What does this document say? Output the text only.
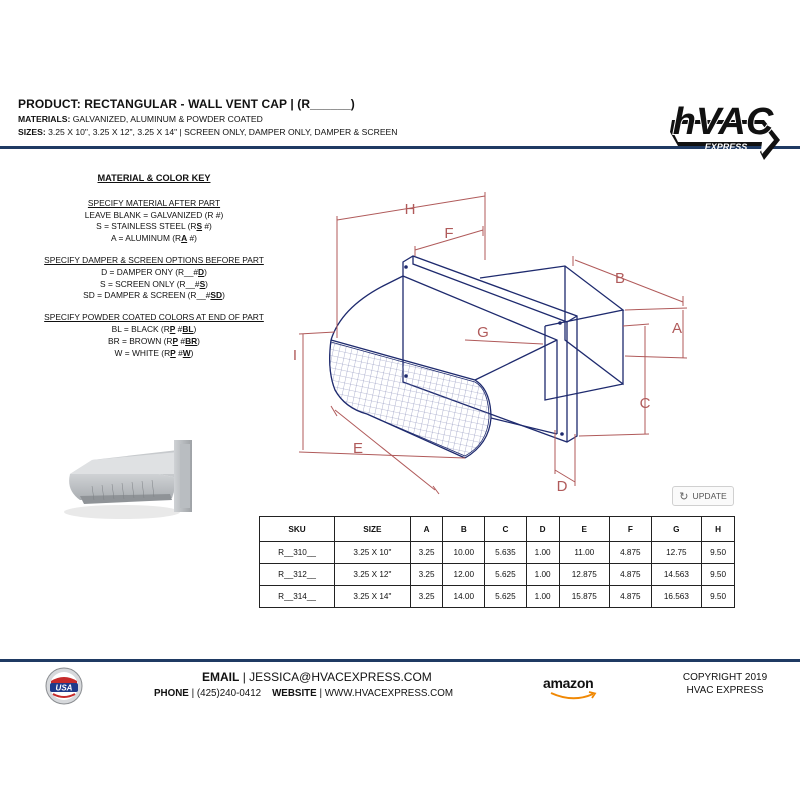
PRODUCT: RECTANGULAR - WALL VENT CAP | (R______)
MATERIALS: GALVANIZED, ALUMINUM & POWDER COATED
SIZES: 3.25 X 10", 3.25 X 12", 3.25 X 14" | SCREEN ONLY, DAMPER ONLY, DAMPER & SCREEN	hVAC
EXPRESS
MATERIAL & COLOR KEY
SPECIFY MATERIAL AFTER PART
LEAVE BLANK = GALVANIZED (R #)
S = STAINLESS STEEL (RS #)
A = ALUMINUM (RA #)
SPECIFY DAMPER & SCREEN OPTIONS BEFORE PART
D = DAMPER ONY (R__#D)
S = SCREEN ONLY (R__#S)
SD = DAMPER & SCREEN (R__#SD)
SPECIFY POWDER COATED COLORS AT END OF PART
BL = BLACK (RP #BL)
BR = BROWN (RP #BR)
W = WHITE (RP #W)
H
F
B
A
G
I
C
E
D
↻ UPDATE
SKU	SIZE	A	B	C	D	E	F	G	H
R__310__	3.25 X 10"	3.25	10.00	5.635	1.00	11.00	4.875	12.75	9.50
R__312__	3.25 X 12"	3.25	12.00	5.625	1.00	12.875	4.875	14.563	9.50
R__314__	3.25 X 14"	3.25	14.00	5.625	1.00	15.875	4.875	16.563	9.50
USA
EMAIL | JESSICA@HVACEXPRESS.COM
PHONE | (425)240-0412 WEBSITE | WWW.HVACEXPRESS.COM
amazon	COPYRIGHT 2019
HVAC EXPRESS
